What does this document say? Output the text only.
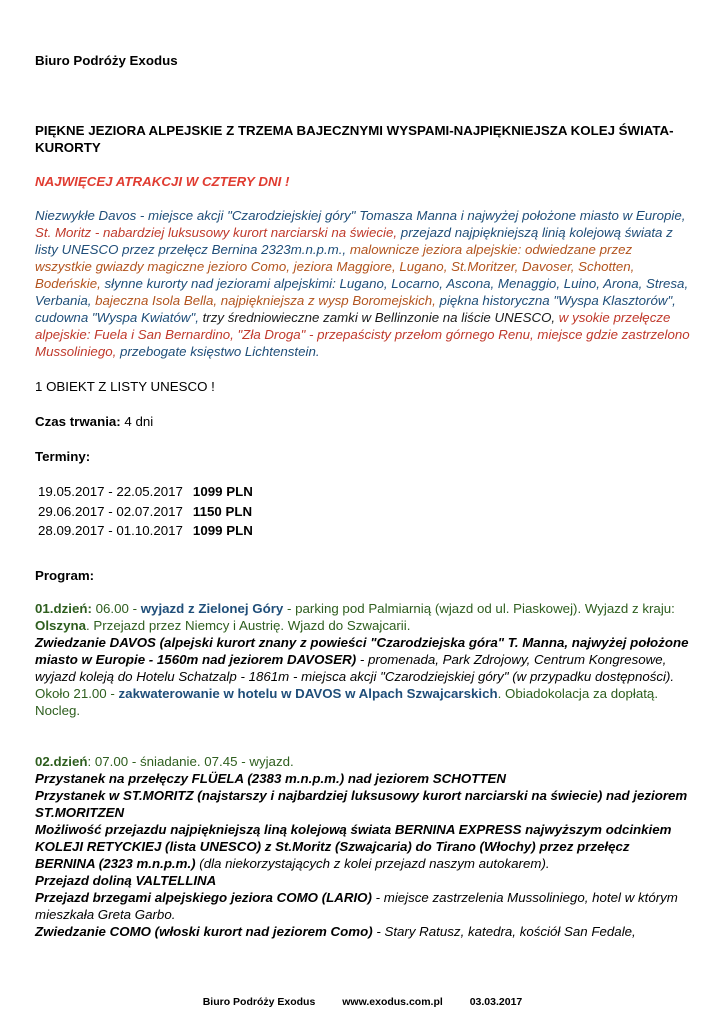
Biuro Podróży Exodus
PIĘKNE JEZIORA ALPEJSKIE Z TRZEMA BAJECZNYMI WYSPAMI-NAJPIĘKNIEJSZA KOLEJ ŚWIATA-KURORTY
NAJWIĘCEJ ATRAKCJI W CZTERY DNI !
Niezwykłe Davos - miejsce akcji "Czarodziejskiej góry" Tomasza Manna i najwyżej położone miasto w Europie, St. Moritz - nabardziej luksusowy kurort narciarski na świecie, przejazd najpiękniejszą linią kolejową świata z listy UNESCO przez przełęcz Bernina 2323m.n.p.m., malownicze jeziora alpejskie: odwiedzane przez wszystkie gwiazdy magiczne jezioro Como, jeziora Maggiore, Lugano, St.Moritzer, Davoser, Schotten, Bodeńskie, słynne kurorty nad jeziorami alpejskimi: Lugano, Locarno, Ascona, Menaggio, Luino, Arona, Stresa, Verbania, bajeczna Isola Bella, najpiękniejsza z wysp Boromejskich, piękna historyczna "Wyspa Klasztorów", cudowna "Wyspa Kwiatów", trzy średniowieczne zamki w Bellinzonie na liście UNESCO, w ysokie przełęcze alpejskie: Fuela i San Bernardino, "Zła Droga" - przepaścisty przełom górnego Renu, miejsce gdzie zastrzelono Mussoliniego, przebogate księstwo Lichtenstein.
1 OBIEKT Z LISTY UNESCO !
Czas trwania: 4 dni
Terminy:
19.05.2017 - 22.05.2017	1099 PLN
29.06.2017 - 02.07.2017	1150 PLN
28.09.2017 - 01.10.2017	1099 PLN
Program:
01.dzień: 06.00 - wyjazd z Zielonej Góry - parking pod Palmiarnią (wjazd od ul. Piaskowej). Wyjazd z kraju: Olszyna. Przejazd przez Niemcy i Austrię. Wjazd do Szwajcarii.
Zwiedzanie DAVOS (alpejski kurort znany z powieści "Czarodziejska góra" T. Manna, najwyżej położone miasto w Europie - 1560m nad jeziorem DAVOSER) - promenada, Park Zdrojowy, Centrum Kongresowe, wyjazd koleją do Hotelu Schatzalp - 1861m - miejsca akcji "Czarodziejskiej góry" (w przypadku dostępności).
Około 21.00 - zakwaterowanie w hotelu w DAVOS w Alpach Szwajcarskich. Obiadokolacja za dopłatą. Nocleg.
02.dzień: 07.00 - śniadanie. 07.45 - wyjazd.
Przystanek na przełęczy FLÜELA (2383 m.n.p.m.) nad jeziorem SCHOTTEN
Przystanek w ST.MORITZ (najstarszy i najbardziej luksusowy kurort narciarski na świecie) nad jeziorem ST.MORITZEN
Możliwość przejazdu najpiękniejszą liną kolejową świata BERNINA EXPRESS najwyższym odcinkiem KOLEJI RETYCKIEJ (lista UNESCO) z St.Moritz (Szwajcaria) do Tirano (Włochy) przez przełęcz BERNINA (2323 m.n.p.m.) (dla niekorzystających z kolei przejazd naszym autokarem).
Przejazd doliną VALTELLINA
Przejazd brzegami alpejskiego jeziora COMO (LARIO) - miejsce zastrzelenia Mussoliniego, hotel w którym mieszkała Greta Garbo.
Zwiedzanie COMO (włoski kurort nad jeziorem Como) - Stary Ratusz, katedra, kościół San Fedale,
Biuro Podróży Exodus	www.exodus.com.pl	03.03.2017
